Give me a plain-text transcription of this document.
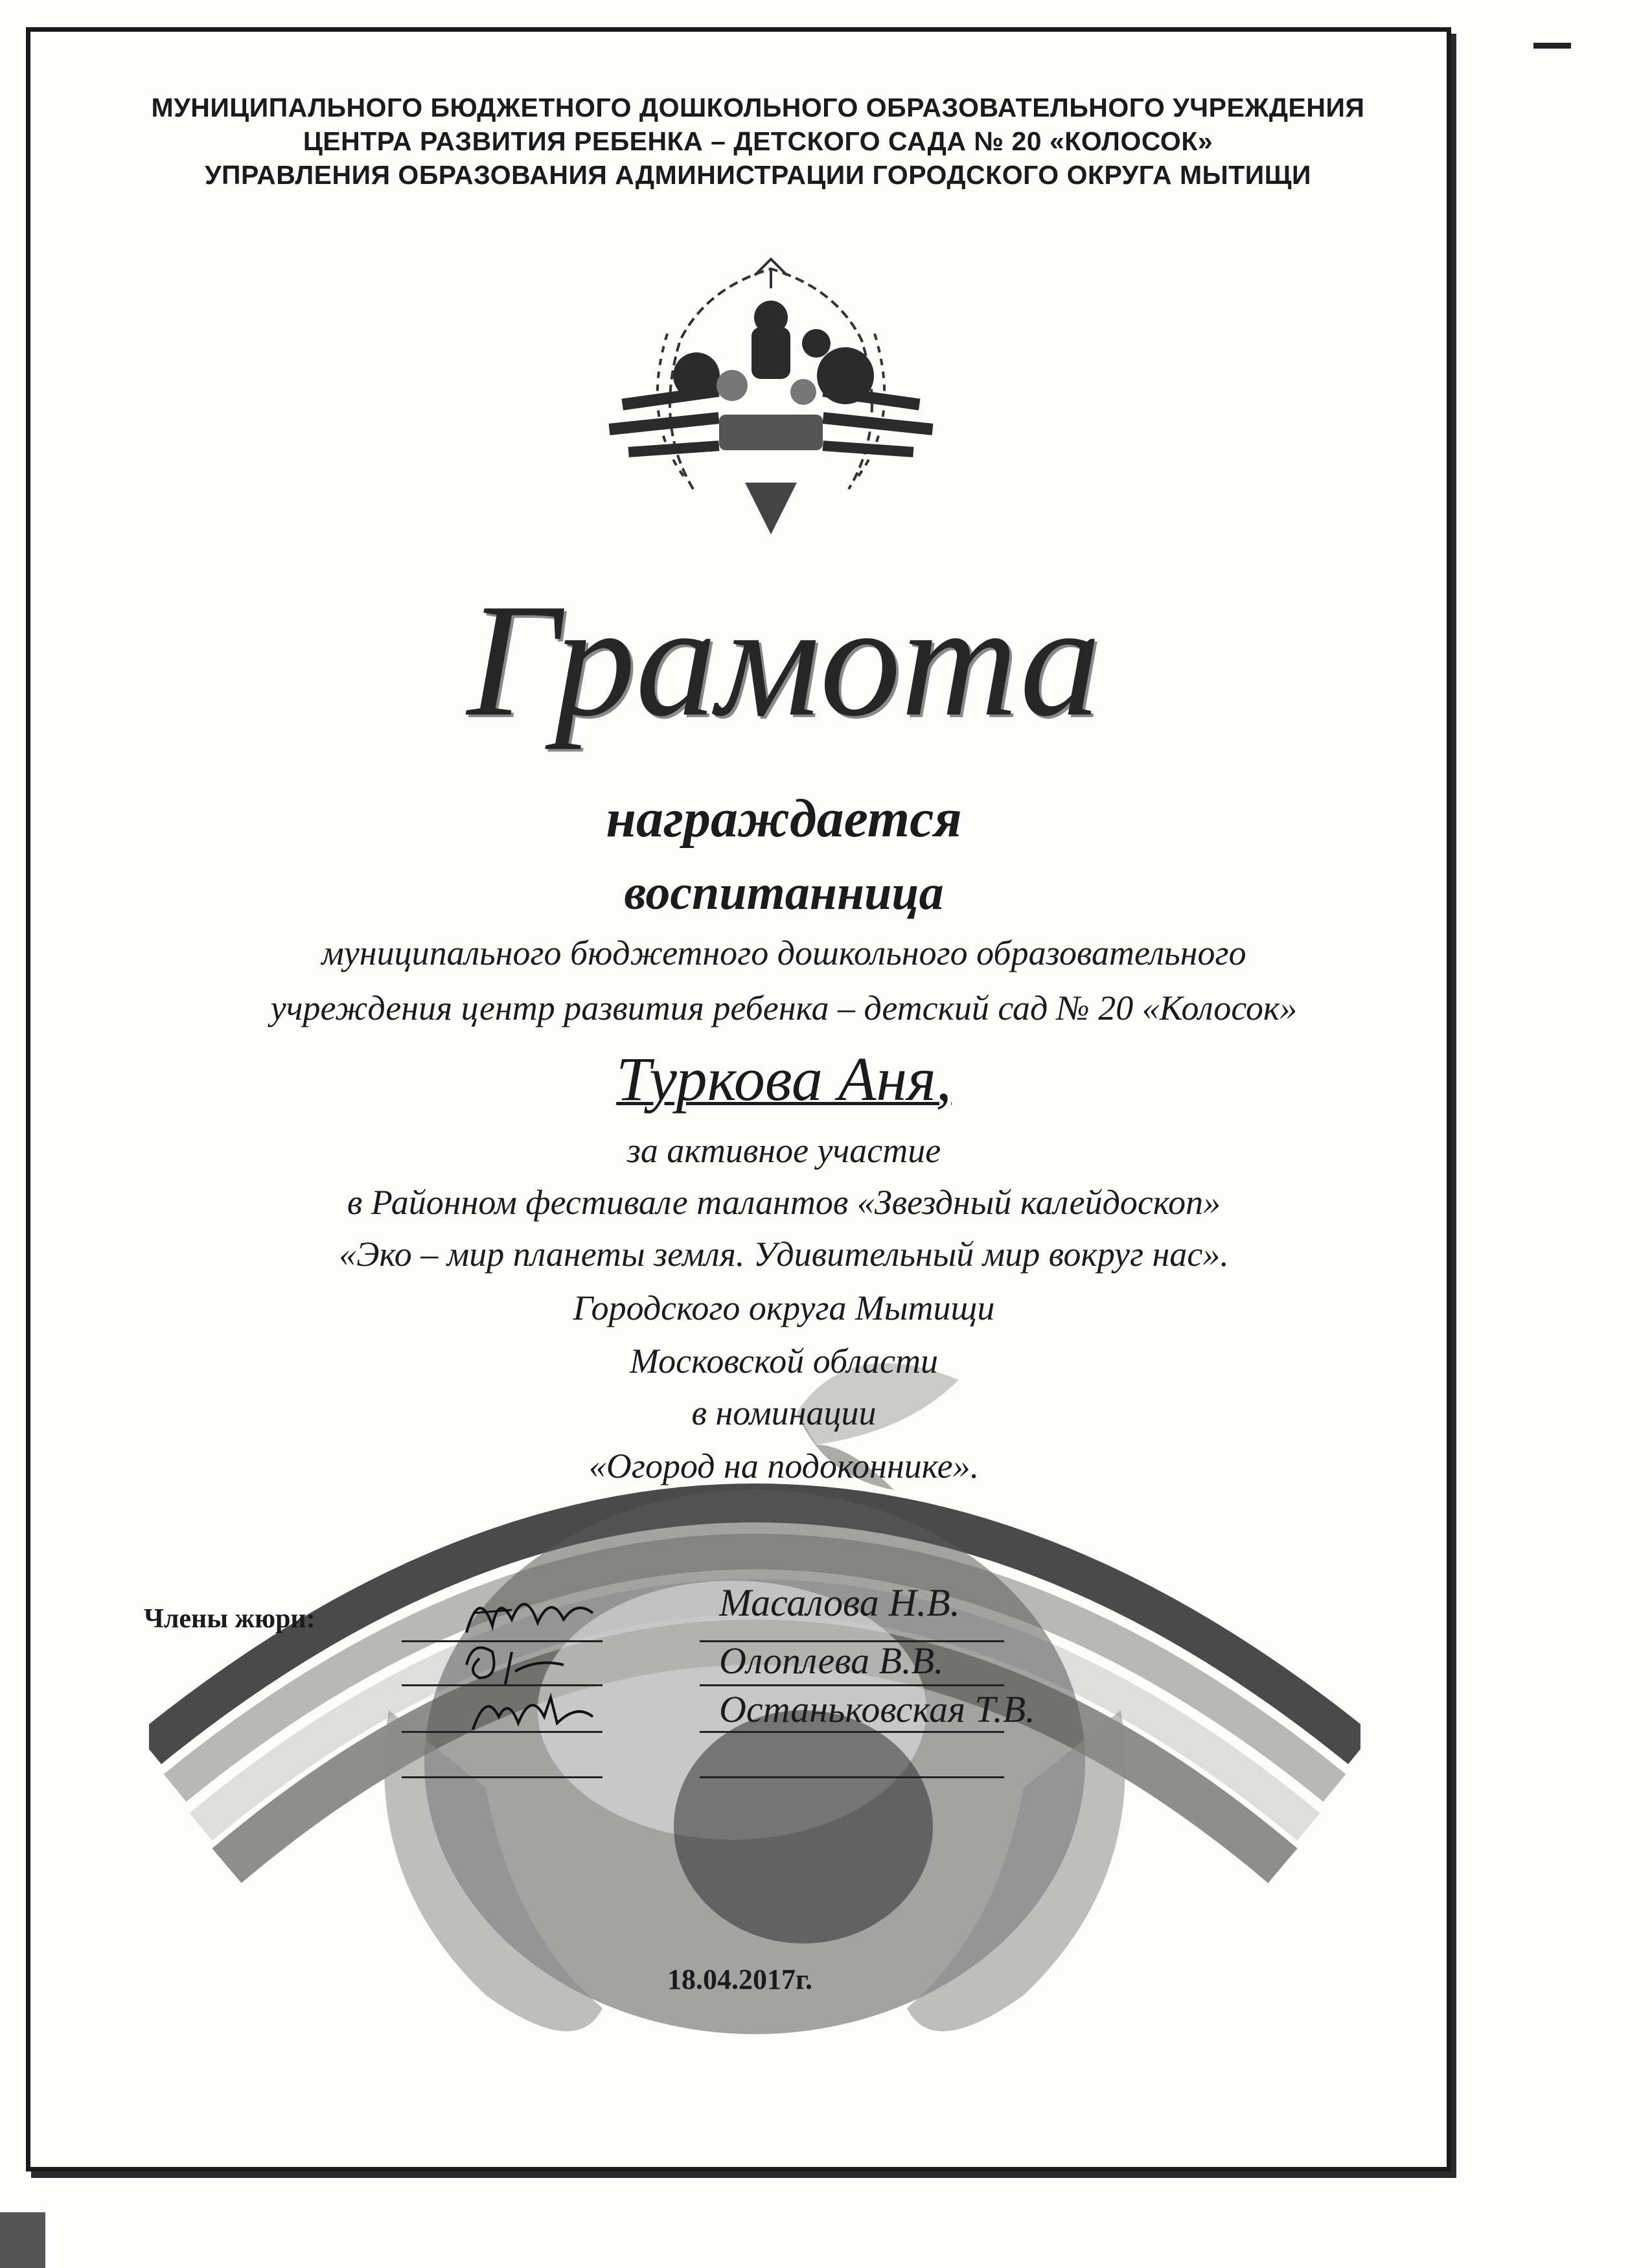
МУНИЦИПАЛЬНОГО БЮДЖЕТНОГО ДОШКОЛЬНОГО ОБРАЗОВАТЕЛЬНОГО УЧРЕЖДЕНИЯ
ЦЕНТРА РАЗВИТИЯ РЕБЕНКА – ДЕТСКОГО САДА № 20 «КОЛОСОК»
УПРАВЛЕНИЯ ОБРАЗОВАНИЯ АДМИНИСТРАЦИИ ГОРОДСКОГО ОКРУГА МЫТИЩИ
Грамота
награждается
воспитанница
муниципального бюджетного дошкольного образовательного
учреждения центр развития ребенка – детский сад № 20 «Колосок»
Туркова Аня,
за активное участие
в Районном фестивале талантов «Звездный калейдоскоп»
«Эко – мир планеты земля. Удивительный мир вокруг нас».
Городского округа Мытищи
Московской области
в номинации
«Огород на подоконнике».
Члены жюри:	Масалова Н.В.
Олоплева В.В.
Останьковская Т.В.
18.04.2017г.
